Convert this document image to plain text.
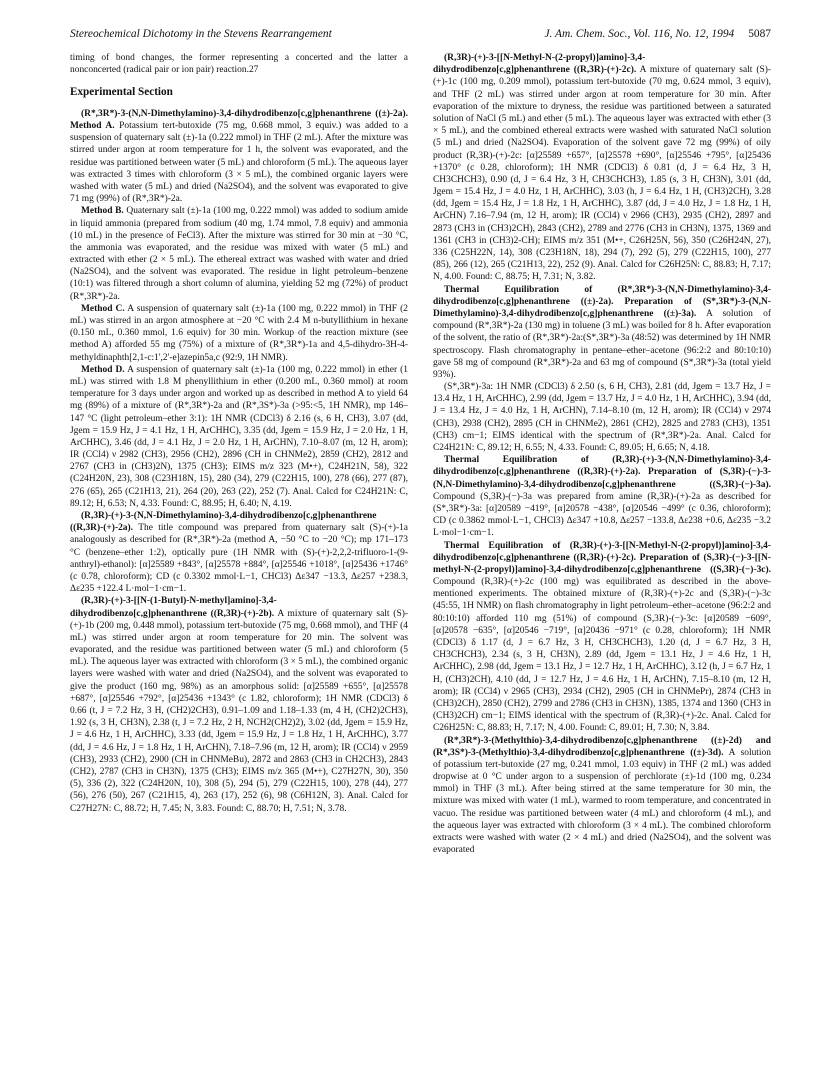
Stereochemical Dichotomy in the Stevens Rearrangement	J. Am. Chem. Soc., Vol. 116, No. 12, 1994 5087

timing of bond changes, the former representing a concerted and the latter a nonconcerted (radical pair or ion pair) reaction.27

Experimental Section

(R*,3R*)-3-(N,N-Dimethylamino)-3,4-dihydrodibenzo[c,g]phenanthrene ((±)-2a). Method A. Potassium tert-butoxide (75 mg, 0.668 mmol, 3 equiv.) was added to a suspension of quaternary salt (±)-1a (0.222 mmol) in THF (2 mL). After the mixture was stirred under argon at room temperature for 1 h, the solvent was evaporated, and the residue was partitioned between water (5 mL) and chloroform (5 mL). The aqueous layer was extracted 3 times with chloroform (3 × 5 mL), the combined organic layers were washed with water (5 mL) and dried (Na2SO4), and the solvent was evaporated to give 71 mg (99%) of (R*,3R*)-2a.

Method B. Quaternary salt (±)-1a (100 mg, 0.222 mmol) was added to sodium amide in liquid ammonia (prepared from sodium (40 mg, 1.74 mmol, 7.8 equiv) and ammonia (10 mL) in the presence of FeCl3). After the mixture was stirred for 30 min at −30 °C, the ammonia was evaporated, and the residue was mixed with water (5 mL) and extracted with ether (2 × 5 mL). The ethereal extract was washed with water and dried (Na2SO4), and the solvent was evaporated. The residue in light petroleum–benzene (10:1) was filtered through a short column of alumina, yielding 52 mg (72%) of product (R*,3R*)-2a.

Method C. A suspension of quaternary salt (±)-1a (100 mg, 0.222 mmol) in THF (2 mL) was stirred in an argon atmosphere at −20 °C with 2.4 M n-butyllithium in hexane (0.150 mL, 0.360 mmol, 1.6 equiv) for 30 min. Workup of the reaction mixture (see method A) afforded 55 mg (75%) of a mixture of (R*,3R*)-1a and 4,5-dihydro-3H-4-methyldinaphth[2,1-c:1',2'-e]azepin5a,c (92:9, 1H NMR).

Method D. A suspension of quaternary salt (±)-1a (100 mg, 0.222 mmol) in ether (1 mL) was stirred with 1.8 M phenyllithium in ether (0.200 mL, 0.360 mmol) at room temperature for 3 days under argon and worked up as described in method A to yield 64 mg (89%) of a mixture of (R*,3R*)-2a and (R*,3S*)-3a (>95:<5, 1H NMR), mp 146–147 °C (light petroleum–ether 3:1): 1H NMR (CDCl3) δ 2.16 (s, 6 H, CH3), 3.07 (dd, Jgem = 15.9 Hz, J = 4.1 Hz, 1 H, ArCHHC), 3.35 (dd, Jgem = 15.9 Hz, J = 2.0 Hz, 1 H, ArCHHC), 3.46 (dd, J = 4.1 Hz, J = 2.0 Hz, 1 H, ArCHN), 7.10–8.07 (m, 12 H, arom); IR (CCl4) ν 2982 (CH3), 2956 (CH2), 2896 (CH in CHNMe2), 2859 (CH2), 2812 and 2767 (CH3 in (CH3)2N), 1375 (CH3); EIMS m/z 323 (M•+), C24H21N, 58), 322 (C24H20N, 23), 308 (C23H18N, 15), 280 (34), 279 (C22H15, 100), 278 (66), 277 (87), 276 (65), 265 (C21H13, 21), 264 (20), 263 (22), 252 (7). Anal. Calcd for C24H21N: C, 89.12; H, 6.53; N, 4.33. Found: C, 88.95; H, 6.40; N, 4.19.

(R,3R)-(+)-3-(N,N-Dimethylamino)-3,4-dihydrodibenzo[c,g]phenanthrene ((R,3R)-(+)-2a). The title compound was prepared from quaternary salt (S)-(+)-1a analogously as described for (R*,3R*)-2a (method A, −50 °C to −20 °C); mp 171–173 °C (benzene–ether 1:2), optically pure (1H NMR with (S)-(+)-2,2,2-trifluoro-1-(9-anthryl)-ethanol): [α]25589 +843°, [α]25578 +884°, [α]25546 +1018°, [α]25436 +1746° (c 0.78, chloroform); CD (c 0.3302 mmol·L−1, CHCl3) Δε347 −13.3, Δε257 +238.3, Δε235 +122.4 L·mol−1·cm−1.

(R,3R)-(+)-3-[[N-(1-Butyl)-N-methyl]amino]-3,4-dihydrodibenzo[c,g]phenanthrene ((R,3R)-(+)-2b). A mixture of quaternary salt (S)-(+)-1b (200 mg, 0.448 mmol), potassium tert-butoxide (75 mg, 0.668 mmol), and THF (4 mL) was stirred under argon at room temperature for 20 min. The solvent was evaporated, and the residue was partitioned between water (5 mL) and chloroform (5 mL). The aqueous layer was extracted with chloroform (3 × 5 mL), the combined organic layers were washed with water and dried (Na2SO4), and the solvent was evaporated to give the product (160 mg, 98%) as an amorphous solid: [α]25589 +655°, [α]25578 +687°, [α]25546 +792°, [α]25436 +1343° (c 1.82, chloroform); 1H NMR (CDCl3) δ 0.66 (t, J = 7.2 Hz, 3 H, (CH2)2CH3), 0.91–1.09 and 1.18–1.33 (m, 4 H, (CH2)2CH3), 1.92 (s, 3 H, CH3N), 2.38 (t, J = 7.2 Hz, 2 H, NCH2(CH2)2), 3.02 (dd, Jgem = 15.9 Hz, J = 4.6 Hz, 1 H, ArCHHC), 3.33 (dd, Jgem = 15.9 Hz, J = 1.8 Hz, 1 H, ArCHHC), 3.77 (dd, J = 4.6 Hz, J = 1.8 Hz, 1 H, ArCHN), 7.18–7.96 (m, 12 H, arom); IR (CCl4) ν 2959 (CH3), 2933 (CH2), 2900 (CH in CHNMeBu), 2872 and 2863 (CH3 in CH2CH3), 2843 (CH2), 2787 (CH3 in CH3N), 1375 (CH3); EIMS m/z 365 (M•+), C27H27N, 30), 350 (5), 336 (2), 322 (C24H20N, 10), 308 (5), 294 (5), 279 (C22H15, 100), 278 (44), 277 (56), 276 (50), 267 (C21H15, 4), 263 (17), 252 (6), 98 (C6H12N, 3). Anal. Calcd for C27H27N: C, 88.72; H, 7.45; N, 3.83. Found: C, 88.70; H, 7.51; N, 3.78.

(R,3R)-(+)-3-[[N-Methyl-N-(2-propyl)]amino]-3,4-dihydrodibenzo[c,g]phenanthrene ((R,3R)-(+)-2c). A mixture of quaternary salt (S)-(+)-1c (100 mg, 0.209 mmol), potassium tert-butoxide (70 mg, 0.624 mmol, 3 equiv), and THF (2 mL) was stirred under argon at room temperature for 30 min. After evaporation of the mixture to dryness, the residue was partitioned between a saturated solution of NaCl (5 mL) and ether (5 mL). The aqueous layer was extracted with ether (3 × 5 mL), and the combined ethereal extracts were washed with saturated NaCl solution (5 mL) and dried (Na2SO4). Evaporation of the solvent gave 72 mg (99%) of oily product (R,3R)-(+)-2c: [α]25589 +657°, [α]25578 +690°, [α]25546 +795°, [α]25436 +1370° (c 0.28, chloroform); 1H NMR (CDCl3) δ 0.81 (d, J = 6.4 Hz, 3 H, CH3CHCH3), 0.90 (d, J = 6.4 Hz, 3 H, CH3CHCH3), 1.85 (s, 3 H, CH3N), 3.01 (dd, Jgem = 15.4 Hz, J = 4.0 Hz, 1 H, ArCHHC), 3.03 (h, J = 6.4 Hz, 1 H, (CH3)2CH), 3.28 (dd, Jgem = 15.4 Hz, J = 1.8 Hz, 1 H, ArCHHC), 3.87 (dd, J = 4.0 Hz, J = 1.8 Hz, 1 H, ArCHN) 7.16–7.94 (m, 12 H, arom); IR (CCl4) ν 2966 (CH3), 2935 (CH2), 2897 and 2873 (CH3 in (CH3)2CH), 2843 (CH2), 2789 and 2776 (CH3 in CH3N), 1375, 1369 and 1361 (CH3 in (CH3)2-CH); EIMS m/z 351 (M•+, C26H25N, 56), 350 (C26H24N, 27), 336 (C25H22N, 14), 308 (C23H18N, 18), 294 (7), 292 (5), 279 (C22H15, 100), 277 (85), 266 (12), 265 (C21H13, 22), 252 (9). Anal. Calcd for C26H25N: C, 88.83; H, 7.17; N, 4.00. Found: C, 88.75; H, 7.31; N, 3.82.

Thermal Equilibration of (R*,3R*)-3-(N,N-Dimethylamino)-3,4-dihydrodibenzo[c,g]phenanthrene ((±)-2a). Preparation of (S*,3R*)-3-(N,N-Dimethylamino)-3,4-dihydrodibenzo[c,g]phenanthrene ((±)-3a). A solution of compound (R*,3R*)-2a (130 mg) in toluene (3 mL) was boiled for 8 h. After evaporation of the solvent, the ratio of (R*,3R*)-2a:(S*,3R*)-3a (48:52) was determined by 1H NMR spectroscopy. Flash chromatography in pentane–ether–acetone (96:2:2 and 80:10:10) gave 58 mg of compound (R*,3R*)-2a and 63 mg of compound (S*,3R*)-3a (total yield 93%).

(S*,3R*)-3a: 1H NMR (CDCl3) δ 2.50 (s, 6 H, CH3), 2.81 (dd, Jgem = 13.7 Hz, J = 13.4 Hz, 1 H, ArCHHC), 2.99 (dd, Jgem = 13.7 Hz, J = 4.0 Hz, 1 H, ArCHHC), 3.94 (dd, J = 13.4 Hz, J = 4.0 Hz, 1 H, ArCHN), 7.14–8.10 (m, 12 H, arom); IR (CCl4) ν 2974 (CH3), 2938 (CH2), 2895 (CH in CHNMe2), 2861 (CH2), 2825 and 2783 (CH3), 1351 (CH3) cm−1; EIMS identical with the spectrum of (R*,3R*)-2a. Anal. Calcd for C24H21N: C, 89.12; H, 6.55; N, 4.33. Found: C, 89.05; H, 6.65; N, 4.18.

Thermal Equilibration of (R,3R)-(+)-3-(N,N-Dimethylamino)-3,4-dihydrodibenzo[c,g]phenanthrene ((R,3R)-(+)-2a). Preparation of (S,3R)-(−)-3-(N,N-Dimethylamino)-3,4-dihydrodibenzo[c,g]phenanthrene ((S,3R)-(−)-3a). Compound (S,3R)-(−)-3a was prepared from amine (R,3R)-(+)-2a as described for (S*,3R*)-3a: [α]20589 −419°, [α]20578 −438°, [α]20546 −499° (c 0.36, chloroform); CD (c 0.3862 mmol·L−1, CHCl3) Δε347 +10.8, Δε257 −133.8, Δε238 +0.6, Δε235 −3.2 L·mol−1·cm−1.

Thermal Equilibration of (R,3R)-(+)-3-[[N-Methyl-N-(2-propyl)]amino]-3,4-dihydrodibenzo[c,g]phenanthrene ((R,3R)-(+)-2c). Preparation of (S,3R)-(−)-3-[[N-methyl-N-(2-propyl)]amino]-3,4-dihydrodibenzo[c,g]phenanthrene ((S,3R)-(−)-3c). Compound (R,3R)-(+)-2c (100 mg) was equilibrated as described in the above-mentioned experiments. The obtained mixture of (R,3R)-(+)-2c and (S,3R)-(−)-3c (45:55, 1H NMR) on flash chromatography in light petroleum–ether–acetone (96:2:2 and 80:10:10) afforded 110 mg (51%) of compound (S,3R)-(−)-3c: [α]20589 −609°, [α]20578 −635°, [α]20546 −719°, [α]20436 −971° (c 0.28, chloroform); 1H NMR (CDCl3) δ 1.17 (d, J = 6.7 Hz, 3 H, CH3CHCH3), 1.20 (d, J = 6.7 Hz, 3 H, CH3CHCH3), 2.34 (s, 3 H, CH3N), 2.89 (dd, Jgem = 13.1 Hz, J = 4.6 Hz, 1 H, ArCHHC), 2.98 (dd, Jgem = 13.1 Hz, J = 12.7 Hz, 1 H, ArCHHC), 3.12 (h, J = 6.7 Hz, 1 H, (CH3)2CH), 4.10 (dd, J = 12.7 Hz, J = 4.6 Hz, 1 H, ArCHN), 7.15–8.10 (m, 12 H, arom); IR (CCl4) ν 2965 (CH3), 2934 (CH2), 2905 (CH in CHNMePr), 2874 (CH3 in (CH3)2CH), 2850 (CH2), 2799 and 2786 (CH3 in CH3N), 1385, 1374 and 1360 (CH3 in (CH3)2CH) cm−1; EIMS identical with the spectrum of (R,3R)-(+)-2c. Anal. Calcd for C26H25N: C, 88.83; H, 7.17; N, 4.00. Found: C, 89.01; H, 7.30; N, 3.84.

(R*,3R*)-3-(Methylthio)-3,4-dihydrodibenzo[c,g]phenanthrene ((±)-2d) and (R*,3S*)-3-(Methylthio)-3,4-dihydrodibenzo[c,g]phenanthrene ((±)-3d). A solution of potassium tert-butoxide (27 mg, 0.241 mmol, 1.03 equiv) in THF (2 mL) was added dropwise at 0 °C under argon to a suspension of perchlorate (±)-1d (100 mg, 0.234 mmol) in THF (3 mL). After being stirred at the same temperature for 30 min, the mixture was mixed with water (1 mL), warmed to room temperature, and concentrated in vacuo. The residue was partitioned between water (4 mL) and chloroform (4 mL), and the aqueous layer was extracted with chloroform (3 × 4 mL). The combined chloroform extracts were washed with water (2 × 4 mL) and dried (Na2SO4), and the solvent was evaporated
